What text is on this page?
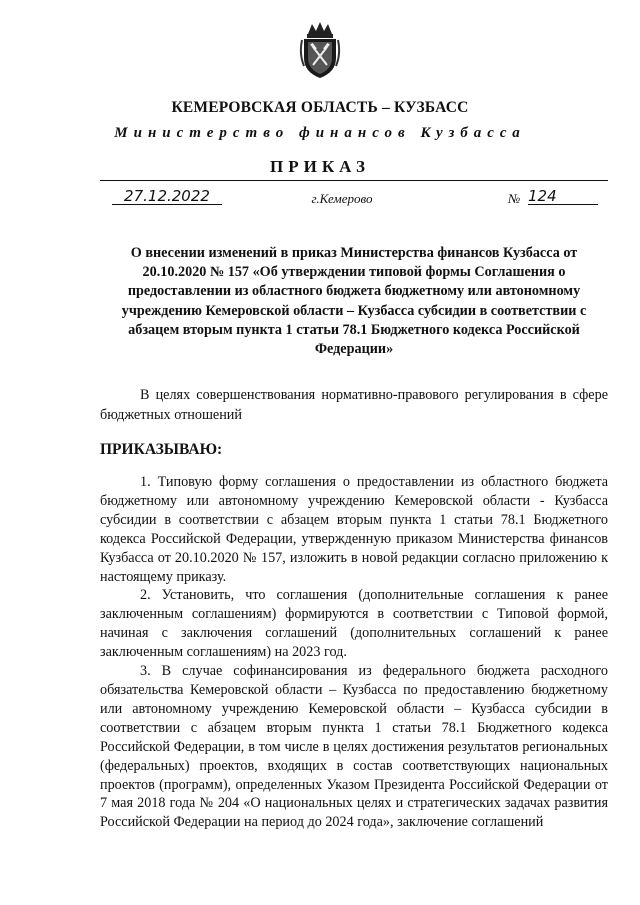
КЕМЕРОВСКАЯ ОБЛАСТЬ – КУЗБАСС
Министерство финансов Кузбасса
ПРИКАЗ
27.12.2022	г.Кемерово	№ 124

О внесении изменений в приказ Министерства финансов Кузбасса от 20.10.2020 № 157 «Об утверждении типовой формы Соглашения о предоставлении из областного бюджета бюджетному или автономному учреждению Кемеровской области – Кузбасса субсидии в соответствии с абзацем вторым пункта 1 статьи 78.1 Бюджетного кодекса Российской Федерации»

В целях совершенствования нормативно-правового регулирования в сфере бюджетных отношений

ПРИКАЗЫВАЮ:

1. Типовую форму соглашения о предоставлении из областного бюджета бюджетному или автономному учреждению Кемеровской области - Кузбасса субсидии в соответствии с абзацем вторым пункта 1 статьи 78.1 Бюджетного кодекса Российской Федерации, утвержденную приказом Министерства финансов Кузбасса от 20.10.2020 № 157, изложить в новой редакции согласно приложению к настоящему приказу.

2. Установить, что соглашения (дополнительные соглашения к ранее заключенным соглашениям) формируются в соответствии с Типовой формой, начиная с заключения соглашений (дополнительных соглашений к ранее заключенным соглашениям) на 2023 год.

3. В случае софинансирования из федерального бюджета расходного обязательства Кемеровской области – Кузбасса по предоставлению бюджетному или автономному учреждению Кемеровской области – Кузбасса субсидии в соответствии с абзацем вторым пункта 1 статьи 78.1 Бюджетного кодекса Российской Федерации, в том числе в целях достижения результатов региональных (федеральных) проектов, входящих в состав соответствующих национальных проектов (программ), определенных Указом Президента Российской Федерации от 7 мая 2018 года № 204 «О национальных целях и стратегических задачах развития Российской Федерации на период до 2024 года», заключение соглашений
